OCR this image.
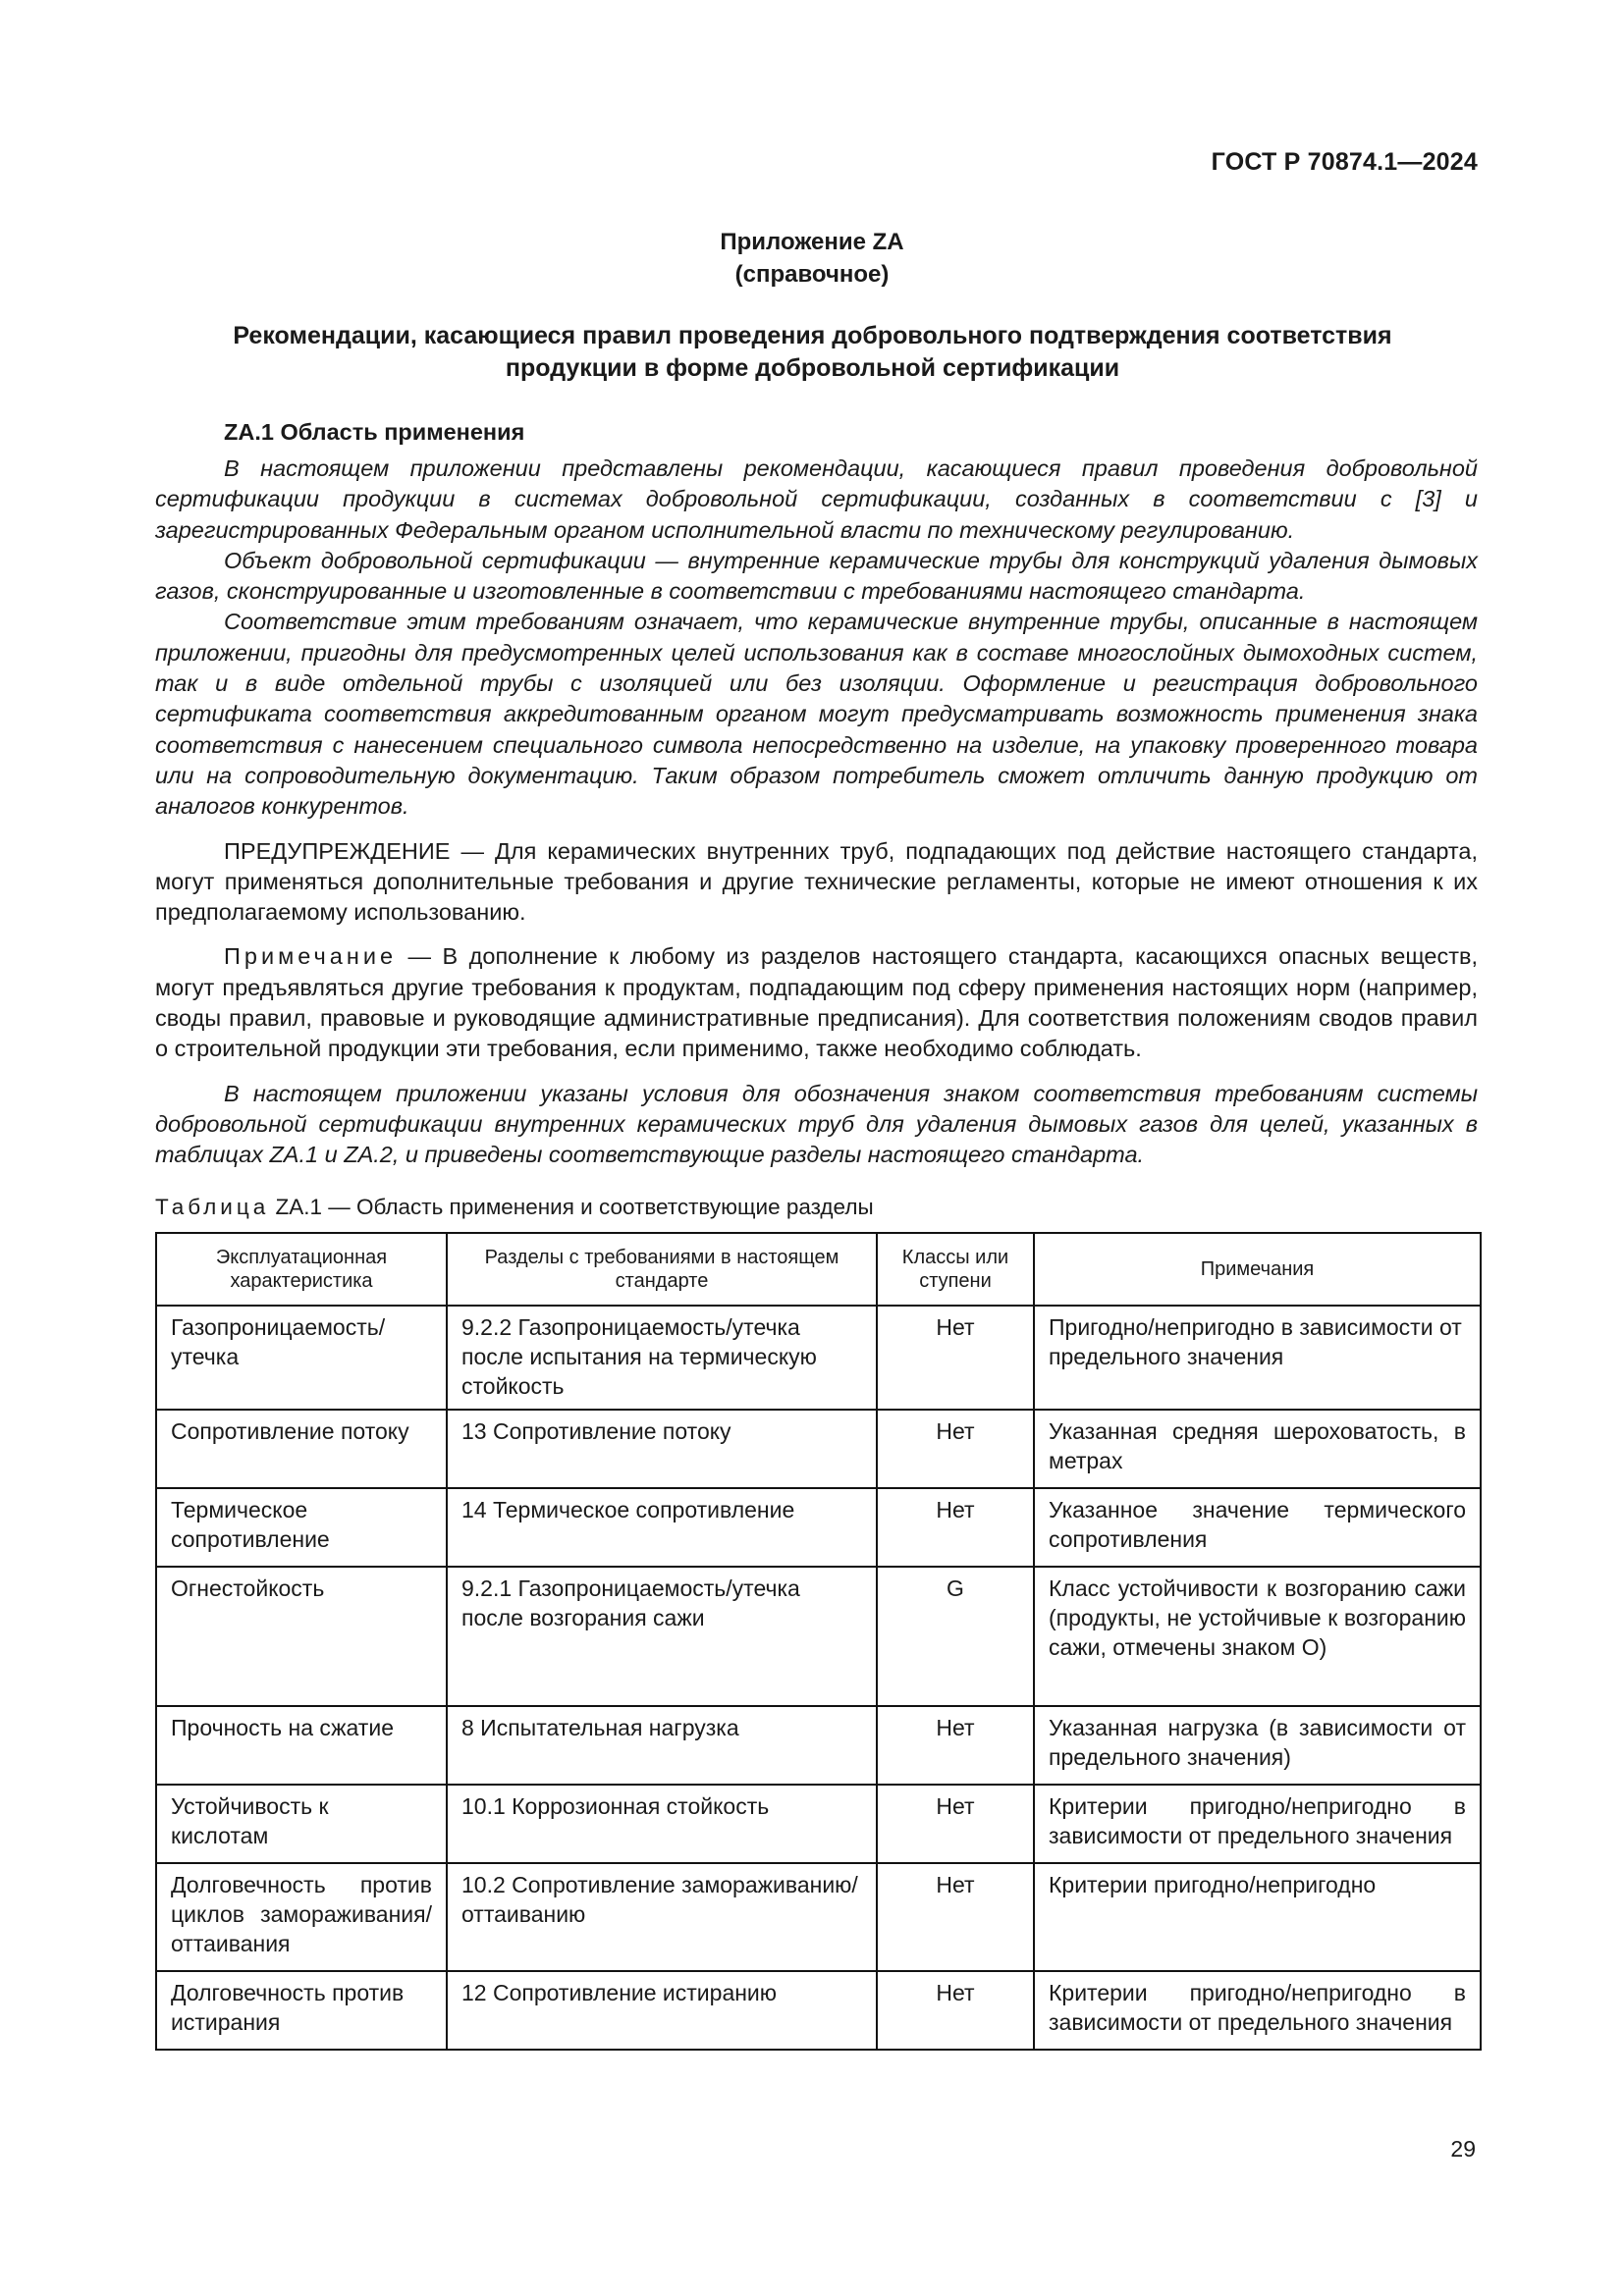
ГОСТ Р 70874.1—2024
Приложение ZA
(справочное)
Рекомендации, касающиеся правил проведения добровольного подтверждения соответствия
продукции в форме добровольной сертификации
ZA.1 Область применения

В настоящем приложении представлены рекомендации, касающиеся правил проведения добровольной сертификации продукции в системах добровольной сертификации, созданных в соответствии с [3] и зарегистрированных Федеральным органом исполнительной власти по техническому регулированию.

Объект добровольной сертификации — внутренние керамические трубы для конструкций удаления дымовых газов, сконструированные и изготовленные в соответствии с требованиями настоящего стандарта.

Соответствие этим требованиям означает, что керамические внутренние трубы, описанные в настоящем приложении, пригодны для предусмотренных целей использования как в составе многослойных дымоходных систем, так и в виде отдельной трубы с изоляцией или без изоляции. Оформление и регистрация добровольного сертификата соответствия аккредитованным органом могут предусматривать возможность применения знака соответствия с нанесением специального символа непосредственно на изделие, на упаковку проверенного товара или на сопроводительную документацию. Таким образом потребитель сможет отличить данную продукцию от аналогов конкурентов.

ПРЕДУПРЕЖДЕНИЕ — Для керамических внутренних труб, подпадающих под действие настоящего стандарта, могут применяться дополнительные требования и другие технические регламенты, которые не имеют отношения к их предполагаемому использованию.

Примечание — В дополнение к любому из разделов настоящего стандарта, касающихся опасных веществ, могут предъявляться другие требования к продуктам, подпадающим под сферу применения настоящих норм (например, своды правил, правовые и руководящие административные предписания). Для соответствия положениям сводов правил о строительной продукции эти требования, если применимо, также необходимо соблюдать.

В настоящем приложении указаны условия для обозначения знаком соответствия требованиям системы добровольной сертификации внутренних керамических труб для удаления дымовых газов для целей, указанных в таблицах ZA.1 и ZA.2, и приведены соответствующие разделы настоящего стандарта.

Таблица ZA.1 — Область применения и соответствующие разделы
Эксплуатационная характеристика	Разделы с требованиями в настоящем стандарте	Классы или ступени	Примечания
Газопроницаемость/ утечка	9.2.2 Газопроницаемость/утечка после испытания на термическую стойкость	Нет	Пригодно/непригодно в зависимости от предельного значения
Сопротивление потоку	13 Сопротивление потоку	Нет	Указанная средняя шероховатость, в метрах
Термическое сопротивление	14 Термическое сопротивление	Нет	Указанное значение термического сопротивления
Огнестойкость	9.2.1 Газопроницаемость/утечка после возгорания сажи	G	Класс устойчивости к возгоранию сажи (продукты, не устойчивые к возгоранию сажи, отмечены знаком О)
Прочность на сжатие	8 Испытательная нагрузка	Нет	Указанная нагрузка (в зависимости от предельного значения)
Устойчивость к кислотам	10.1 Коррозионная стойкость	Нет	Критерии пригодно/непригодно в зависимости от предельного значения
Долговечность против циклов замораживания/оттаивания	10.2 Сопротивление замораживанию/оттаиванию	Нет	Критерии пригодно/непригодно
Долговечность против истирания	12 Сопротивление истиранию	Нет	Критерии пригодно/непригодно в зависимости от предельного значения
29
